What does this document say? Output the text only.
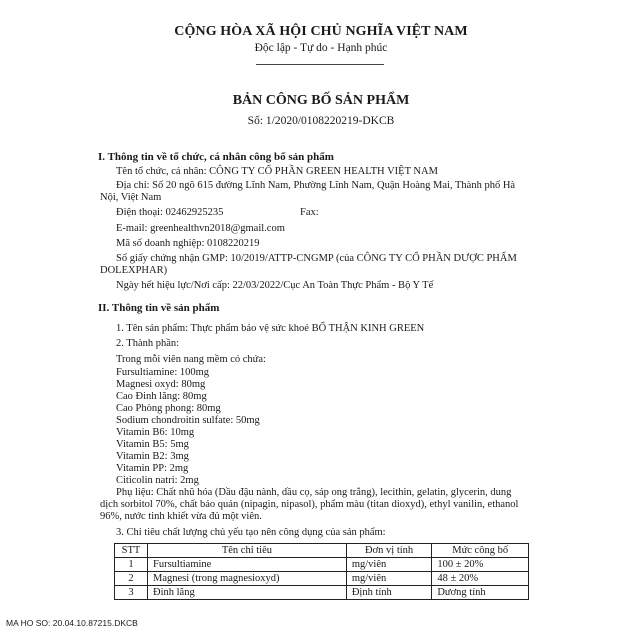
CỘNG HÒA XÃ HỘI CHỦ NGHĨA VIỆT NAM
Độc lập - Tự do - Hạnh phúc
BẢN CÔNG BỐ SẢN PHẨM
Số: 1/2020/0108220219-DKCB
I. Thông tin về tổ chức, cá nhân công bố sản phẩm
Tên tổ chức, cá nhân: CÔNG TY CỔ PHẦN GREEN HEALTH VIỆT NAM
Địa chỉ: Số 20 ngõ 615 đường Lĩnh Nam, Phường Lĩnh Nam, Quận Hoàng Mai, Thành phố Hà Nội, Việt Nam
Điện thoại: 02462925235	Fax:
E-mail: greenhealthvn2018@gmail.com
Mã số doanh nghiệp: 0108220219
Số giấy chứng nhận GMP: 10/2019/ATTP-CNGMP (của CÔNG TY CỔ PHẦN DƯỢC PHẨM DOLEXPHAR)
Ngày hết hiệu lực/Nơi cấp: 22/03/2022/Cục An Toàn Thực Phẩm - Bộ Y Tế
II. Thông tin về sản phẩm
1. Tên sản phẩm: Thực phẩm bảo vệ sức khoẻ BỔ THẬN KINH GREEN
2. Thành phần:
Trong mỗi viên nang mềm có chứa:
Fursultiamine: 100mg
Magnesi oxyd: 80mg
Cao Đinh lăng: 80mg
Cao Phòng phong: 80mg
Sodium chondroitin sulfate: 50mg
Vitamin B6: 10mg
Vitamin B5: 5mg
Vitamin B2: 3mg
Vitamin PP: 2mg
Citicolin natri: 2mg
Phụ liệu: Chất nhũ hóa (Dầu đậu nành, dầu cọ, sáp ong trắng), lecithin, gelatin, glycerin, dung dịch sorbitol 70%, chất bảo quản (nipagin, nipasol), phẩm màu (titan dioxyd), ethyl vanilin, ethanol 96%, nước tinh khiết vừa đủ một viên.
3. Chỉ tiêu chất lượng chủ yếu tạo nên công dụng của sản phẩm:
STT	Tên chỉ tiêu	Đơn vị tính	Mức công bố
1	Fursultiamine	mg/viên	100 ± 20%
2	Magnesi (trong magnesioxyd)	mg/viên	48 ± 20%
3	Đinh lăng	Định tính	Dương tính
MA HO SO: 20.04.10.87215.DKCB
